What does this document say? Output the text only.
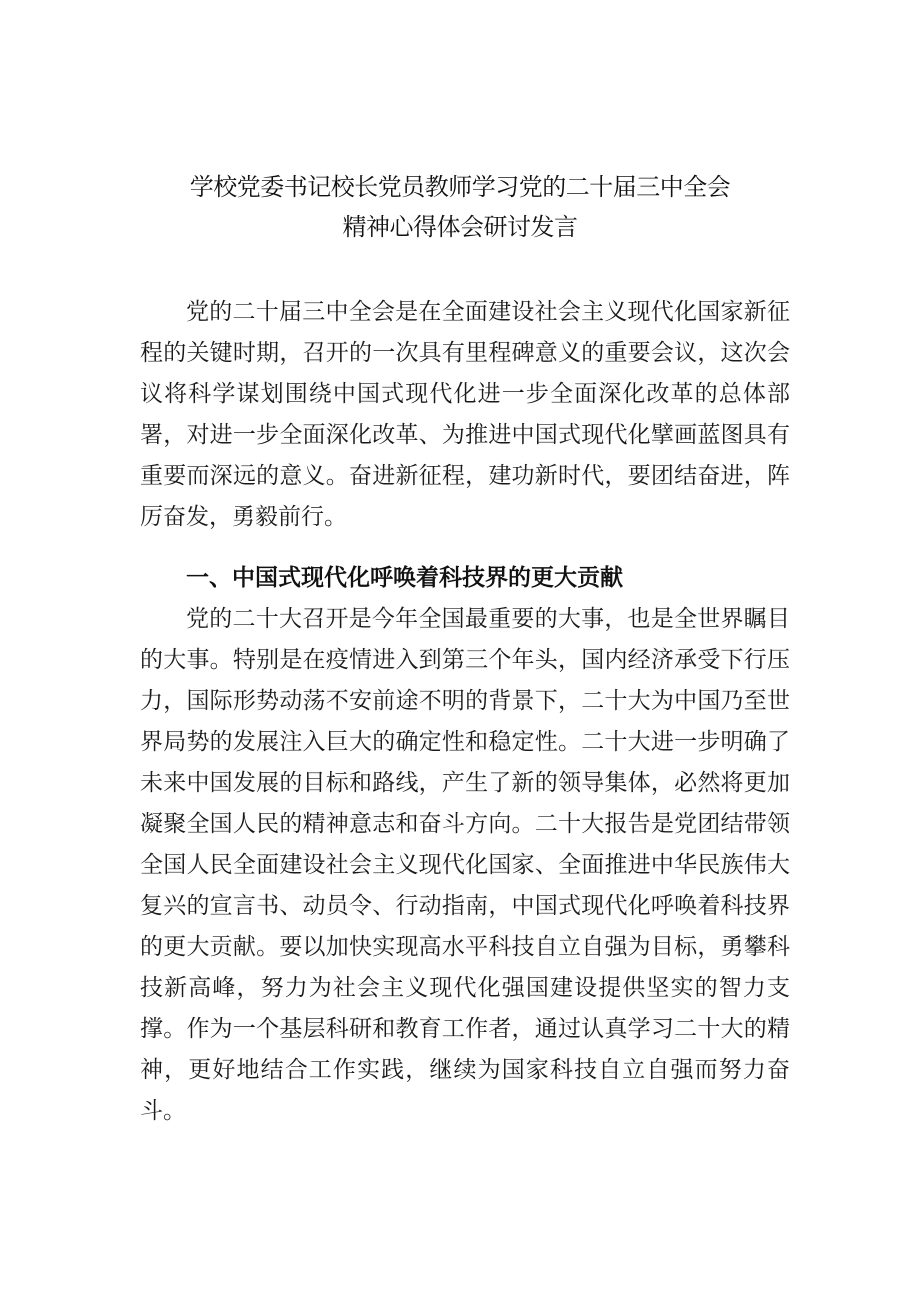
学校党委书记校长党员教师学习党的二十届三中全会
精神心得体会研讨发言

党的二十届三中全会是在全面建设社会主义现代化国家新征程的关键时期，召开的一次具有里程碑意义的重要会议，这次会议将科学谋划围绕中国式现代化进一步全面深化改革的总体部署，对进一步全面深化改革、为推进中国式现代化擘画蓝图具有重要而深远的意义。奋进新征程，建功新时代，要团结奋进，阵厉奋发，勇毅前行。

一、中国式现代化呼唤着科技界的更大贡献

党的二十大召开是今年全国最重要的大事，也是全世界瞩目的大事。特别是在疫情进入到第三个年头，国内经济承受下行压力，国际形势动荡不安前途不明的背景下，二十大为中国乃至世界局势的发展注入巨大的确定性和稳定性。二十大进一步明确了未来中国发展的目标和路线，产生了新的领导集体，必然将更加凝聚全国人民的精神意志和奋斗方向。二十大报告是党团结带领全国人民全面建设社会主义现代化国家、全面推进中华民族伟大复兴的宣言书、动员令、行动指南，中国式现代化呼唤着科技界的更大贡献。要以加快实现高水平科技自立自强为目标，勇攀科技新高峰，努力为社会主义现代化强国建设提供坚实的智力支撑。作为一个基层科研和教育工作者，通过认真学习二十大的精神，更好地结合工作实践，继续为国家科技自立自强而努力奋斗。
